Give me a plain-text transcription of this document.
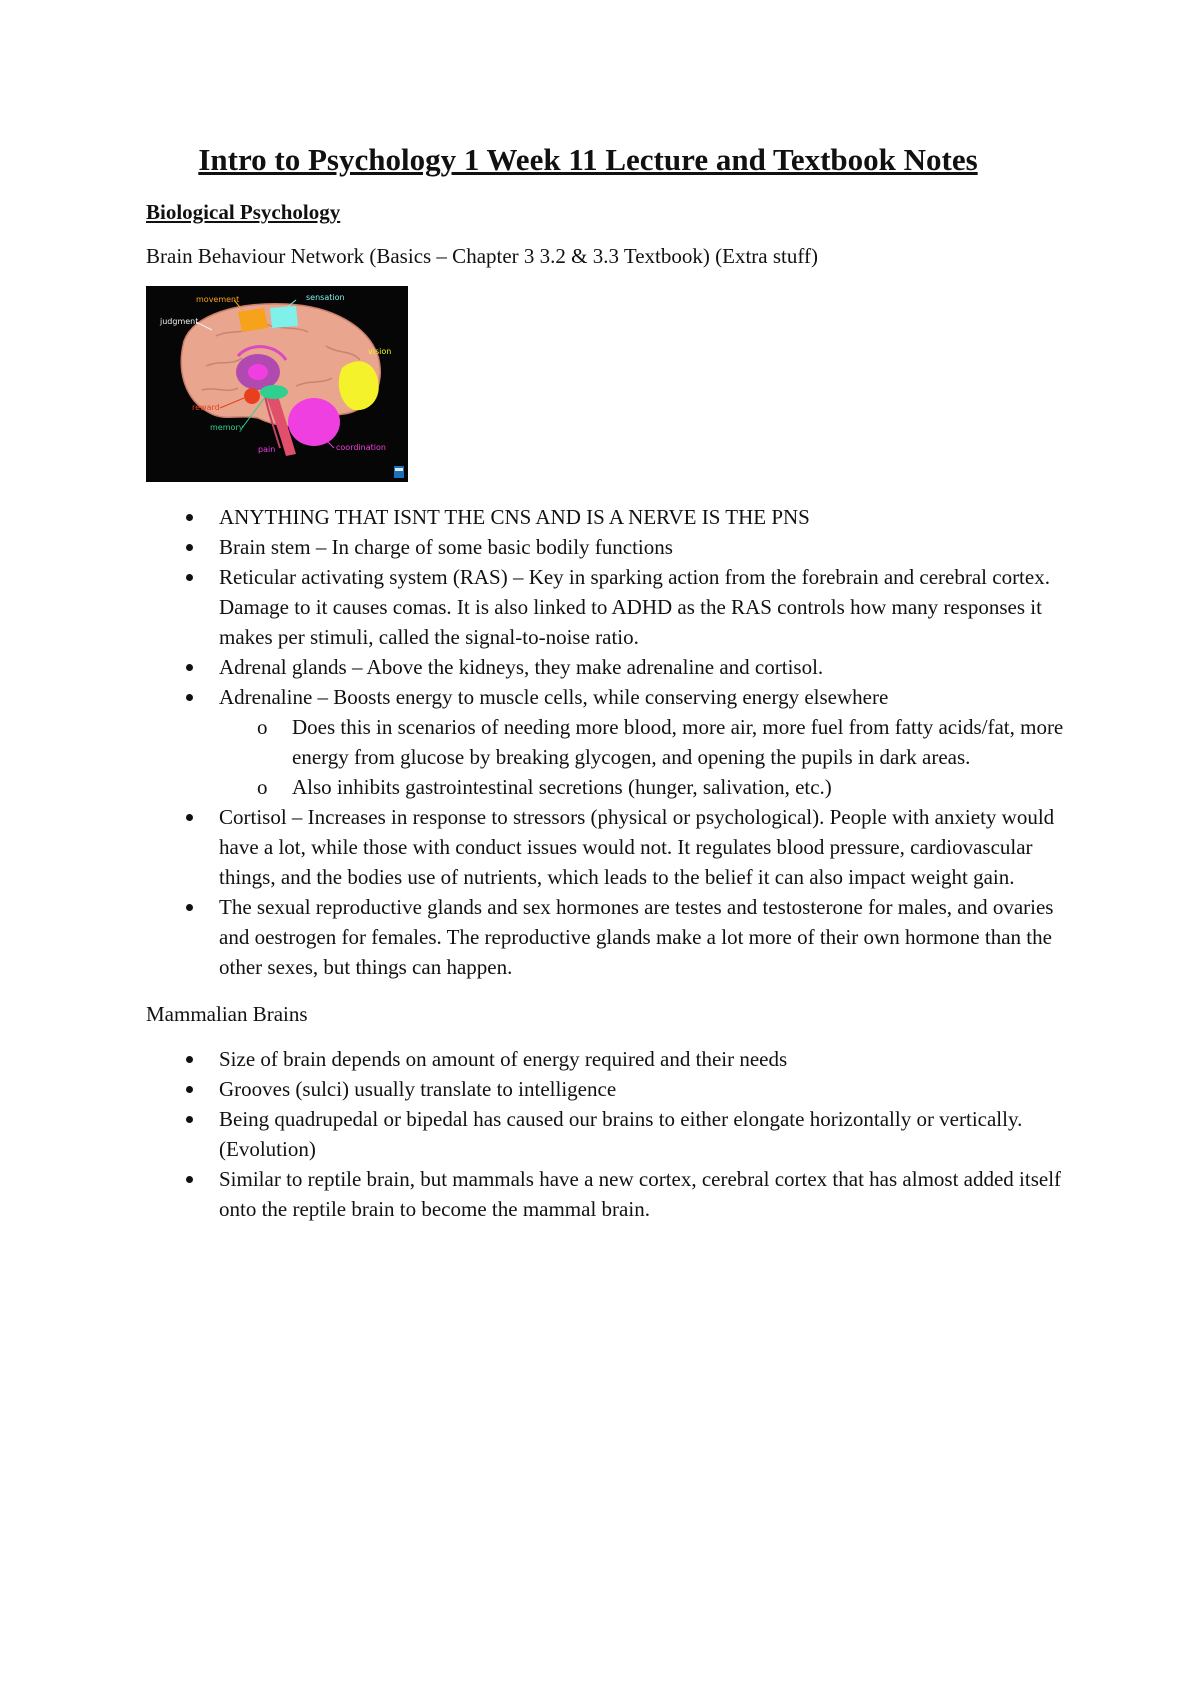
Intro to Psychology 1 Week 11 Lecture and Textbook Notes
Biological Psychology
Brain Behaviour Network (Basics – Chapter 3 3.2 & 3.3 Textbook) (Extra stuff)
movement	sensation
judgment
vision
reward
memory
pain	coordination
ANYTHING THAT ISNT THE CNS AND IS A NERVE IS THE PNS
Brain stem – In charge of some basic bodily functions
Reticular activating system (RAS) – Key in sparking action from the forebrain and cerebral cortex. Damage to it causes comas. It is also linked to ADHD as the RAS controls how many responses it makes per stimuli, called the signal-to-noise ratio.
Adrenal glands – Above the kidneys, they make adrenaline and cortisol.
Adrenaline – Boosts energy to muscle cells, while conserving energy elsewhere
o Does this in scenarios of needing more blood, more air, more fuel from fatty acids/fat, more energy from glucose by breaking glycogen, and opening the pupils in dark areas.
o Also inhibits gastrointestinal secretions (hunger, salivation, etc.)
Cortisol – Increases in response to stressors (physical or psychological). People with anxiety would have a lot, while those with conduct issues would not. It regulates blood pressure, cardiovascular things, and the bodies use of nutrients, which leads to the belief it can also impact weight gain.
The sexual reproductive glands and sex hormones are testes and testosterone for males, and ovaries and oestrogen for females. The reproductive glands make a lot more of their own hormone than the other sexes, but things can happen.
Mammalian Brains
Size of brain depends on amount of energy required and their needs
Grooves (sulci) usually translate to intelligence
Being quadrupedal or bipedal has caused our brains to either elongate horizontally or vertically. (Evolution)
Similar to reptile brain, but mammals have a new cortex, cerebral cortex that has almost added itself onto the reptile brain to become the mammal brain.
